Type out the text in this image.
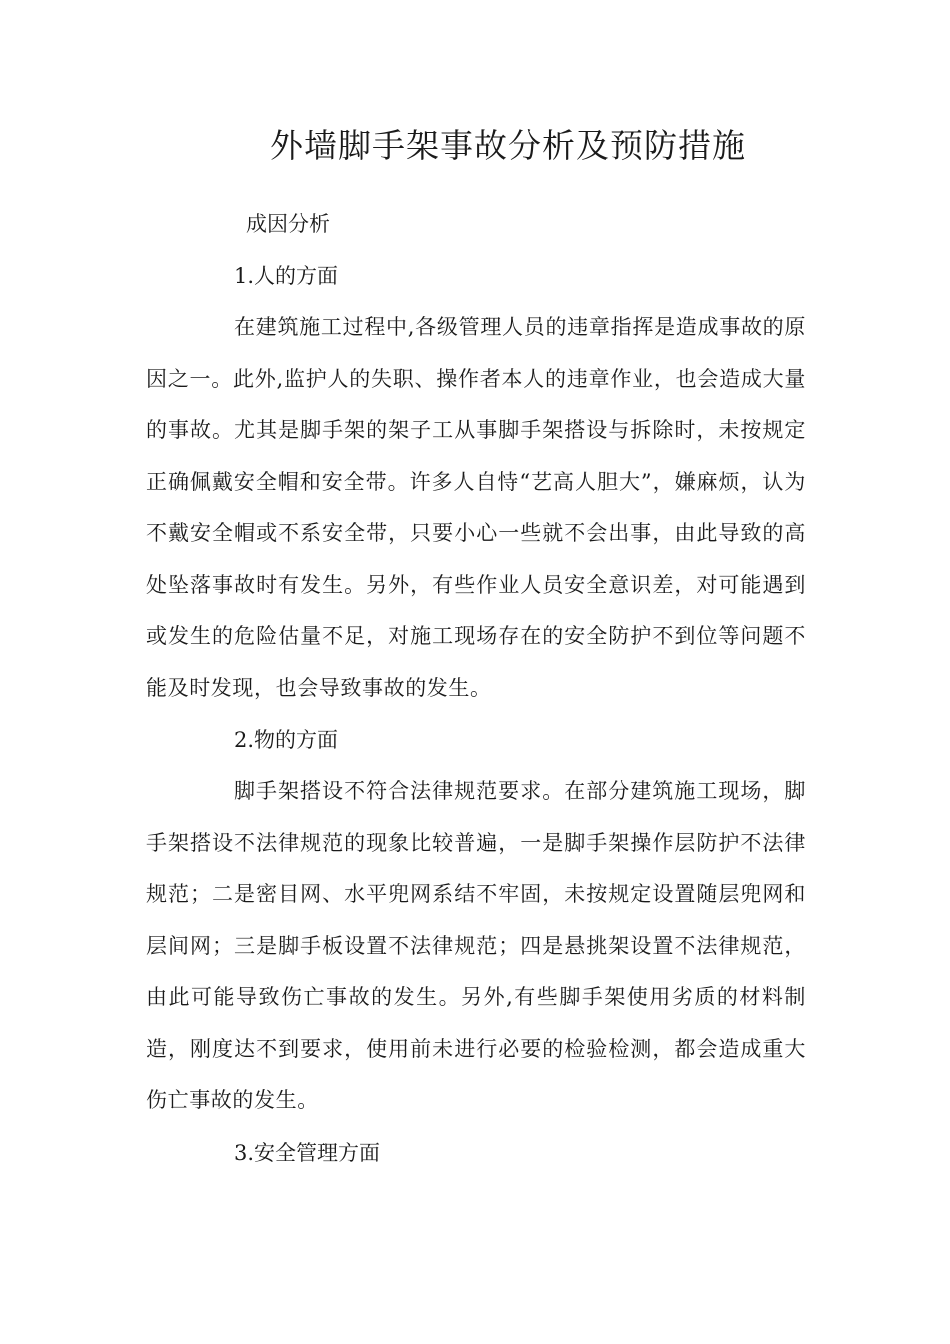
外墙脚手架事故分析及预防措施

成因分析

1.人的方面

在建筑施工过程中,各级管理人员的违章指挥是造成事故的原因之一。此外,监护人的失职、操作者本人的违章作业，也会造成大量的事故。尤其是脚手架的架子工从事脚手架搭设与拆除时，未按规定正确佩戴安全帽和安全带。许多人自恃“艺高人胆大”，嫌麻烦，认为不戴安全帽或不系安全带，只要小心一些就不会出事，由此导致的高处坠落事故时有发生。另外，有些作业人员安全意识差，对可能遇到或发生的危险估量不足，对施工现场存在的安全防护不到位等问题不能及时发现，也会导致事故的发生。

2.物的方面

脚手架搭设不符合法律规范要求。在部分建筑施工现场，脚手架搭设不法律规范的现象比较普遍，一是脚手架操作层防护不法律规范；二是密目网、水平兜网系结不牢固，未按规定设置随层兜网和层间网；三是脚手板设置不法律规范；四是悬挑架设置不法律规范，由此可能导致伤亡事故的发生。另外,有些脚手架使用劣质的材料制造，刚度达不到要求，使用前未进行必要的检验检测，都会造成重大伤亡事故的发生。

3.安全管理方面
